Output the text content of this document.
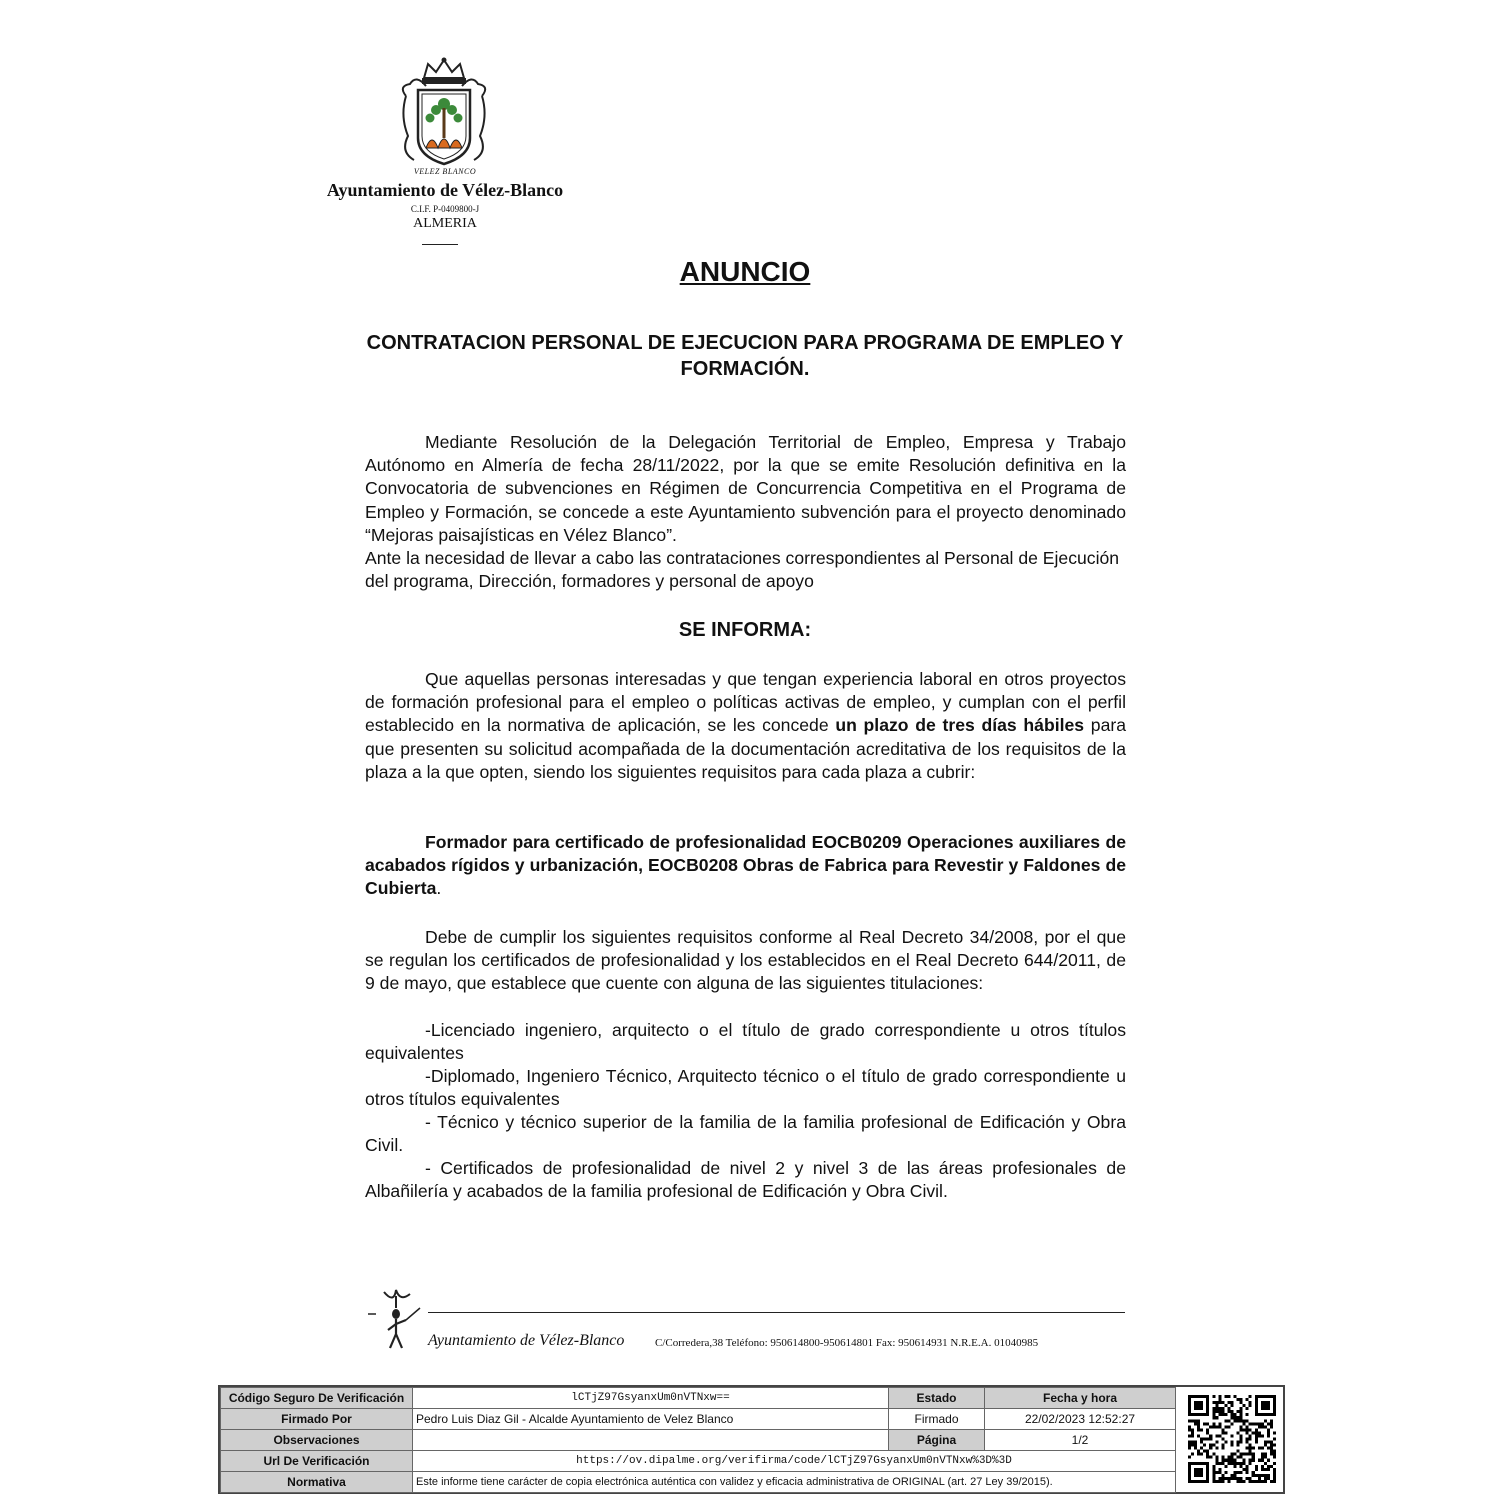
VELEZ BLANCO
Ayuntamiento de Vélez-Blanco
C.I.F. P-0409800-J
ALMERIA
ANUNCIO
CONTRATACION PERSONAL DE EJECUCION PARA PROGRAMA DE EMPLEO Y FORMACIÓN.
Mediante Resolución de la Delegación Territorial de Empleo, Empresa y Trabajo Autónomo en Almería de fecha 28/11/2022, por la que se emite Resolución definitiva en la Convocatoria de subvenciones en Régimen de Concurrencia Competitiva en el Programa de Empleo y Formación, se concede a este Ayuntamiento subvención para el proyecto denominado “Mejoras paisajísticas en Vélez Blanco”.
Ante la necesidad de llevar a cabo las contrataciones correspondientes al Personal de Ejecución del programa, Dirección, formadores y personal de apoyo
SE INFORMA:
Que aquellas personas interesadas y que tengan experiencia laboral en otros proyectos de formación profesional para el empleo o políticas activas de empleo, y cumplan con el perfil establecido en la normativa de aplicación, se les concede un plazo de tres días hábiles para que presenten su solicitud acompañada de la documentación acreditativa de los requisitos de la plaza a la que opten, siendo los siguientes requisitos para cada plaza a cubrir:
Formador para certificado de profesionalidad EOCB0209 Operaciones auxiliares de acabados rígidos y urbanización, EOCB0208 Obras de Fabrica para Revestir y Faldones de Cubierta.
Debe de cumplir los siguientes requisitos conforme al Real Decreto 34/2008, por el que se regulan los certificados de profesionalidad y los establecidos en el Real Decreto 644/2011, de 9 de mayo, que establece que cuente con alguna de las siguientes titulaciones:
-Licenciado ingeniero, arquitecto o el título de grado correspondiente u otros títulos equivalentes
-Diplomado, Ingeniero Técnico, Arquitecto técnico o el título de grado correspondiente u otros títulos equivalentes
- Técnico y técnico superior de la familia de la familia profesional de Edificación y Obra Civil.
- Certificados de profesionalidad de nivel 2 y nivel 3 de las áreas profesionales de Albañilería y acabados de la familia profesional de Edificación y Obra Civil.
Ayuntamiento de Vélez-Blanco	C/Corredera,38 Teléfono: 950614800-950614801 Fax: 950614931 N.R.E.A. 01040985
Código Seguro De Verificación	lCTjZ97GsyanxUm0nVTNxw==	Estado	Fecha y hora
Firmado Por	Pedro Luis Diaz Gil - Alcalde Ayuntamiento de Velez Blanco	Firmado	22/02/2023 12:52:27
Observaciones		Página	1/2
Url De Verificación	https://ov.dipalme.org/verifirma/code/lCTjZ97GsyanxUm0nVTNxw%3D%3D		
Normativa	Este informe tiene carácter de copia electrónica auténtica con validez y eficacia administrativa de ORIGINAL (art. 27 Ley 39/2015).		
